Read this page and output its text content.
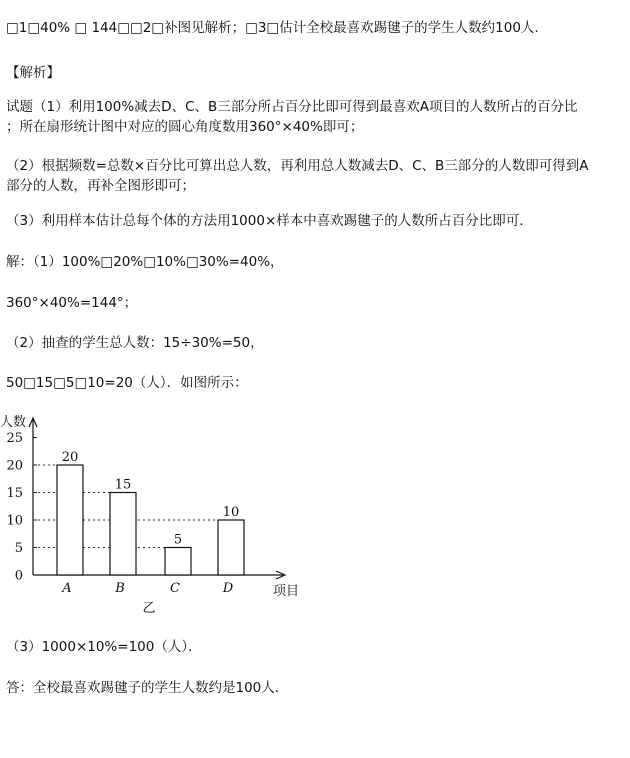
□1□40% □ 144□□2□补图见解析；□3□估计全校最喜欢踢毽子的学生人数约100人.
【解析】
试题（1）利用100%减去D、C、B三部分所占百分比即可得到最喜欢A项目的人数所占的百分比
；所在扇形统计图中对应的圆心角度数用360°×40%即可；
（2）根据频数=总数×百分比可算出总人数，再利用总人数减去D、C、B三部分的人数即可得到A
部分的人数，再补全图形即可；
（3）利用样本估计总每个体的方法用1000×样本中喜欢踢毽子的人数所占百分比即可．
解：（1）100%□20%□10%□30%=40%，
360°×40%=144°；
（2）抽查的学生总人数：15÷30%=50，
50□15□5□10=20（人）．如图所示：
0
5
10
15
20
25
20
A
15
B
5
C
10
D
人数
项目
乙
（3）1000×10%=100（人）．
答：全校最喜欢踢毽子的学生人数约是100人．
